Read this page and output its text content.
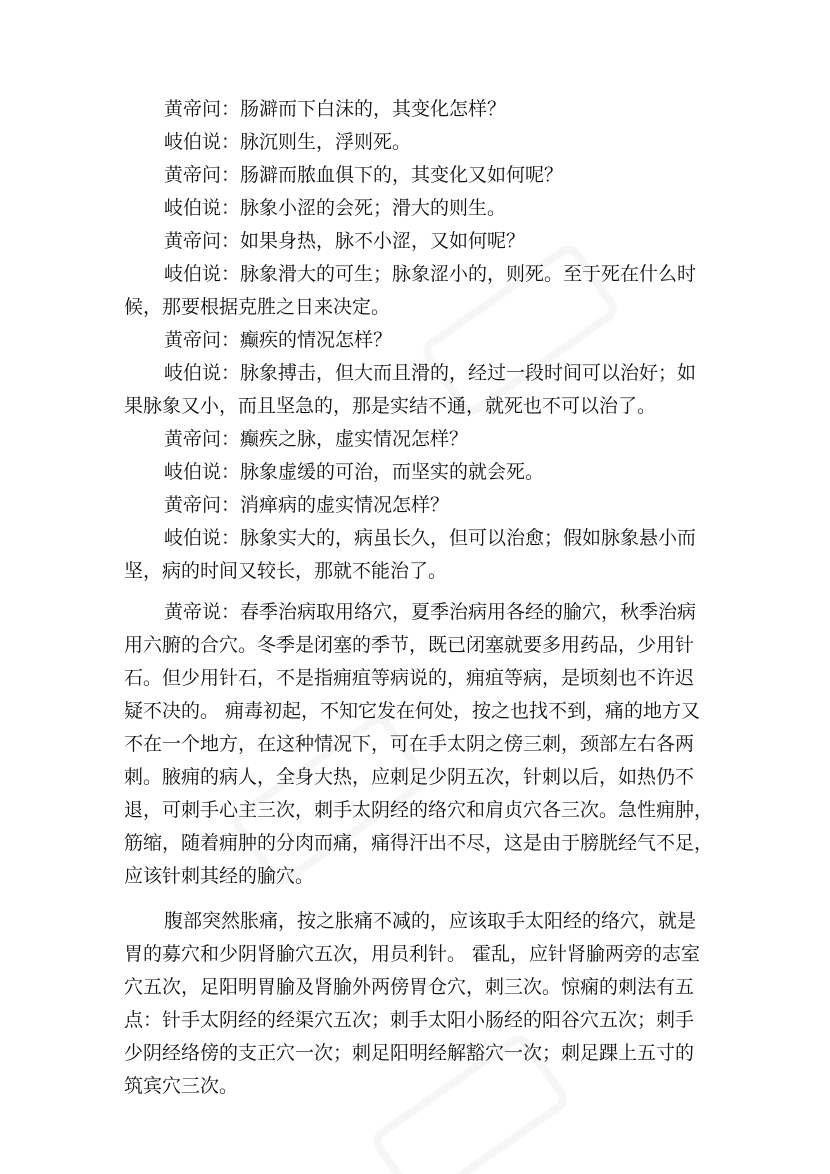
黄帝问：肠澼而下白沫的，其变化怎样？

岐伯说：脉沉则生，浮则死。

黄帝问：肠澼而脓血俱下的，其变化又如何呢？

岐伯说：脉象小涩的会死；滑大的则生。

黄帝问：如果身热，脉不小涩，又如何呢？

岐伯说：脉象滑大的可生；脉象涩小的，则死。至于死在什么时

候，那要根据克胜之日来决定。

黄帝问：癫疾的情况怎样？

岐伯说：脉象搏击，但大而且滑的，经过一段时间可以治好；如

果脉象又小，而且坚急的，那是实结不通，就死也不可以治了。

黄帝问：癫疾之脉，虚实情况怎样？

岐伯说：脉象虚缓的可治，而坚实的就会死。

黄帝问：消瘅病的虚实情况怎样？

岐伯说：脉象实大的，病虽长久，但可以治愈；假如脉象悬小而

坚，病的时间又较长，那就不能治了。

黄帝说：春季治病取用络穴，夏季治病用各经的腧穴，秋季治病

用六腑的合穴。冬季是闭塞的季节，既已闭塞就要多用药品，少用针

石。但少用针石，不是指痈疽等病说的，痈疽等病，是顷刻也不许迟

疑不决的。 痈毒初起，不知它发在何处，按之也找不到，痛的地方又

不在一个地方，在这种情况下，可在手太阴之傍三刺，颈部左右各两

刺。腋痈的病人，全身大热，应刺足少阴五次，针刺以后，如热仍不

退，可刺手心主三次，刺手太阴经的络穴和肩贞穴各三次。急性痈肿，

筋缩，随着痈肿的分肉而痛，痛得汗出不尽，这是由于膀胱经气不足，

应该针刺其经的腧穴。

腹部突然胀痛，按之胀痛不减的，应该取手太阳经的络穴，就是

胃的募穴和少阴肾腧穴五次，用员利针。 霍乱，应针肾腧两旁的志室

穴五次，足阳明胃腧及肾腧外两傍胃仓穴，刺三次。惊痫的刺法有五

点：针手太阴经的经渠穴五次；刺手太阳小肠经的阳谷穴五次；刺手

少阴经络傍的支正穴一次；刺足阳明经解豁穴一次；刺足踝上五寸的

筑宾穴三次。
